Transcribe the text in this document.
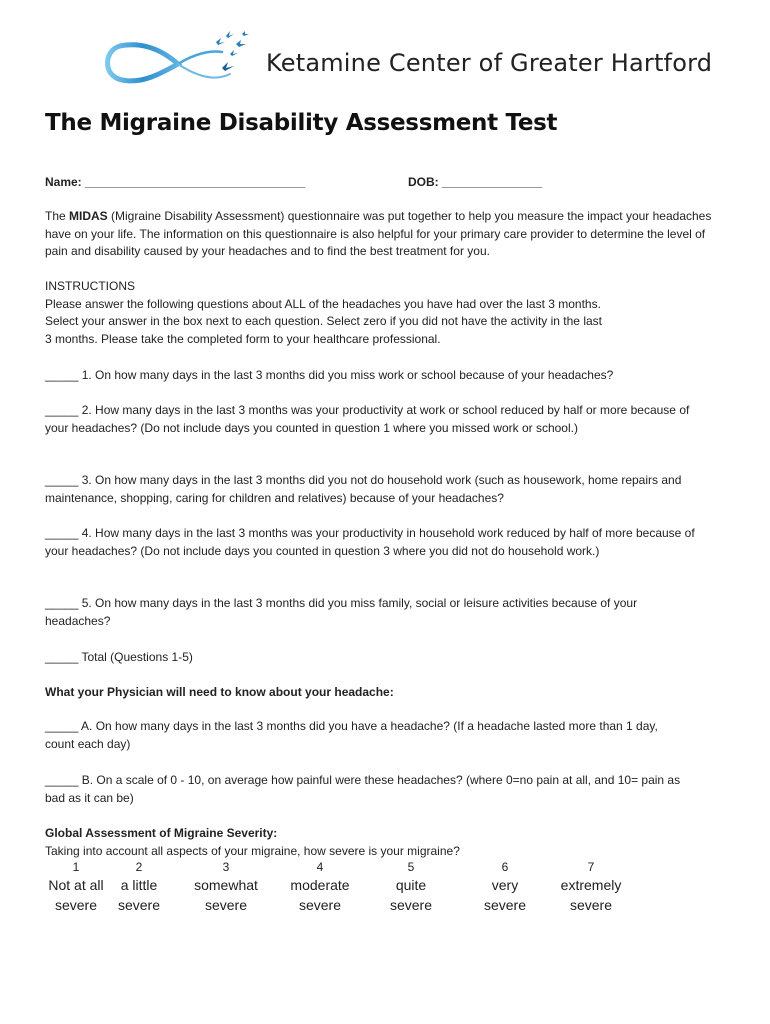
Ketamine Center of Greater Hartford
The Migraine Disability Assessment Test
Name: _________________________________	DOB: _______________

The MIDAS (Migraine Disability Assessment) questionnaire was put together to help you measure the impact your headaches have on your life. The information on this questionnaire is also helpful for your primary care provider to determine the level of pain and disability caused by your headaches and to find the best treatment for you.

INSTRUCTIONS
Please answer the following questions about ALL of the headaches you have had over the last 3 months.
Select your answer in the box next to each question. Select zero if you did not have the activity in the last
3 months. Please take the completed form to your healthcare professional.

_____ 1. On how many days in the last 3 months did you miss work or school because of your headaches?

_____ 2. How many days in the last 3 months was your productivity at work or school reduced by half or more because of your headaches? (Do not include days you counted in question 1 where you missed work or school.)

_____ 3. On how many days in the last 3 months did you not do household work (such as housework, home repairs and maintenance, shopping, caring for children and relatives) because of your headaches?

_____ 4. How many days in the last 3 months was your productivity in household work reduced by half of more because of your headaches? (Do not include days you counted in question 3 where you did not do household work.)

_____ 5. On how many days in the last 3 months did you miss family, social or leisure activities because of your headaches?

_____ Total (Questions 1-5)

What your Physician will need to know about your headache:

_____ A. On how many days in the last 3 months did you have a headache? (If a headache lasted more than 1 day, count each day)

_____ B. On a scale of 0 - 10, on average how painful were these headaches? (where 0=no pain at all, and 10= pain as bad as it can be)

Global Assessment of Migraine Severity:

Taking into account all aspects of your migraine, how severe is your migraine?

1
Not at all
severe
2
a little
severe
3
somewhat
severe
4
moderate
severe
5
quite
severe
6
very
severe
7
extremely
severe
